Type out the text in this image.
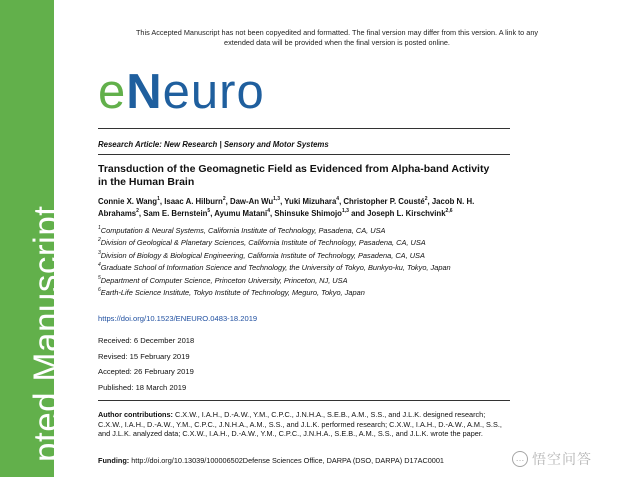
pted Manuscript
This Accepted Manuscript has not been copyedited and formatted. The final version may differ from this version. A link to any extended data will be provided when the final version is posted online.
eNeuro
Research Article: New Research | Sensory and Motor Systems
Transduction of the Geomagnetic Field as Evidenced from Alpha-band Activity in the Human Brain
Connie X. Wang$^1$, Isaac A. Hilburn$^2$, Daw-An Wu$^{1,3}$, Yuki Mizuhara$^4$, Christopher P. Cousté$^2$, Jacob N. H. Abrahams$^2$, Sam E. Bernstein$^5$, Ayumu Matani$^4$, Shinsuke Shimojo$^{1,3}$ and Joseph L. Kirschvink$^{2,6}$
$^1$Computation & Neural Systems, California Institute of Technology, Pasadena, CA, USA
$^2$Division of Geological & Planetary Sciences, California Institute of Technology, Pasadena, CA, USA
$^3$Division of Biology & Biological Engineering, California Institute of Technology, Pasadena, CA, USA
$^4$Graduate School of Information Science and Technology, the University of Tokyo, Bunkyo-ku, Tokyo, Japan
$^5$Department of Computer Science, Princeton University, Princeton, NJ, USA
$^6$Earth-Life Science Institute, Tokyo Institute of Technology, Meguro, Tokyo, Japan
https://doi.org/10.1523/ENEURO.0483-18.2019
Received: 6 December 2018
Revised: 15 February 2019
Accepted: 26 February 2019
Published: 18 March 2019
Author contributions: C.X.W., I.A.H., D.-A.W., Y.M., C.P.C., J.N.H.A., S.E.B., A.M., S.S., and J.L.K. designed research; C.X.W., I.A.H., D.-A.W., Y.M., C.P.C., J.N.H.A., A.M., S.S., and J.L.K. performed research; C.X.W., I.A.H., D.-A.W., A.M., S.S., and J.L.K. analyzed data; C.X.W., I.A.H., D.-A.W., Y.M., C.P.C., J.N.H.A., S.E.B., A.M., S.S., and J.L.K. wrote the paper.
Funding: http://doi.org/10.13039/100006502Defense Sciences Office, DARPA (DSO, DARPA) D17AC0001	… 悟空问答
